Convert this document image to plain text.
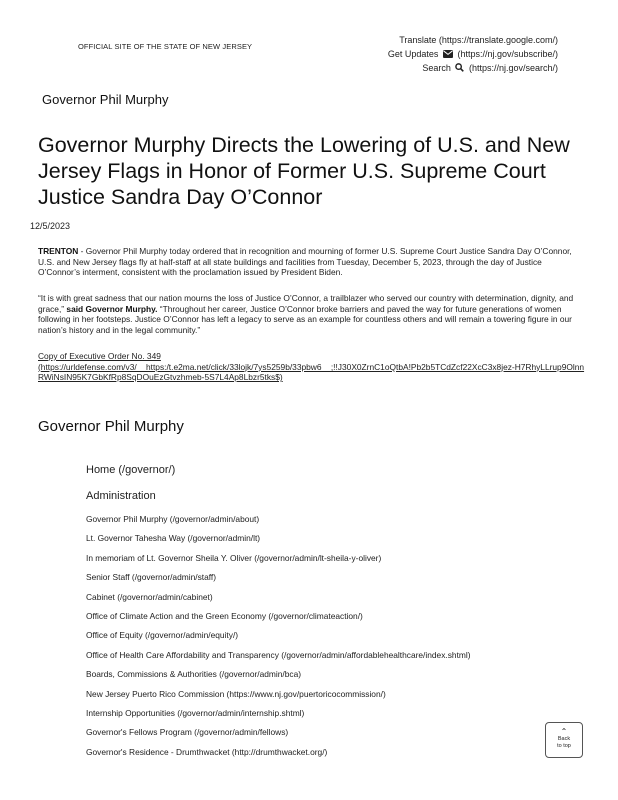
OFFICIAL SITE OF THE STATE OF NEW JERSEY
Translate (https://translate.google.com/)
Get Updates (https://nj.gov/subscribe/)
Search (https://nj.gov/search/)
Governor Phil Murphy
Governor Murphy Directs the Lowering of U.S. and New Jersey Flags in Honor of Former U.S. Supreme Court Justice Sandra Day O’Connor
12/5/2023

TRENTON - Governor Phil Murphy today ordered that in recognition and mourning of former U.S. Supreme Court Justice Sandra Day O’Connor, U.S. and New Jersey flags fly at half-staff at all state buildings and facilities from Tuesday, December 5, 2023, through the day of Justice O’Connor’s interment, consistent with the proclamation issued by President Biden.

“It is with great sadness that our nation mourns the loss of Justice O’Connor, a trailblazer who served our country with determination, dignity, and grace,” said Governor Murphy. “Throughout her career, Justice O’Connor broke barriers and paved the way for future generations of women following in her footsteps. Justice O’Connor has left a legacy to serve as an example for countless others and will remain a towering figure in our nation’s history and in the legal community.”

Copy of Executive Order No. 349
(https://urldefense.com/v3/__https:/t.e2ma.net/click/33lojk/7ys5259b/33pbw6__;!!J30X0ZrnC1oQtbA!Pb2b5TCdZcf22XcC3x8jez-H7RhyLLrup9OlnnRWiNsIN95K7GbKfRp8SqDOuEzGtvzhmeb-5S7L4Ap8Lbzr5tks$)

Governor Phil Murphy
Home (/governor/)
Administration
Governor Phil Murphy (/governor/admin/about)
Lt. Governor Tahesha Way (/governor/admin/lt)
In memoriam of Lt. Governor Sheila Y. Oliver (/governor/admin/lt-sheila-y-oliver)
Senior Staff (/governor/admin/staff)
Cabinet (/governor/admin/cabinet)
Office of Climate Action and the Green Economy (/governor/climateaction/)
Office of Equity (/governor/admin/equity/)
Office of Health Care Affordability and Transparency (/governor/admin/affordablehealthcare/index.shtml)
Boards, Commissions & Authorities (/governor/admin/bca)
New Jersey Puerto Rico Commission (https://www.nj.gov/puertoricocommission/)
Internship Opportunities (/governor/admin/internship.shtml)
Governor's Fellows Program (/governor/admin/fellows)
Governor's Residence - Drumthwacket (http://drumthwacket.org/)
⌃
Back
to top
